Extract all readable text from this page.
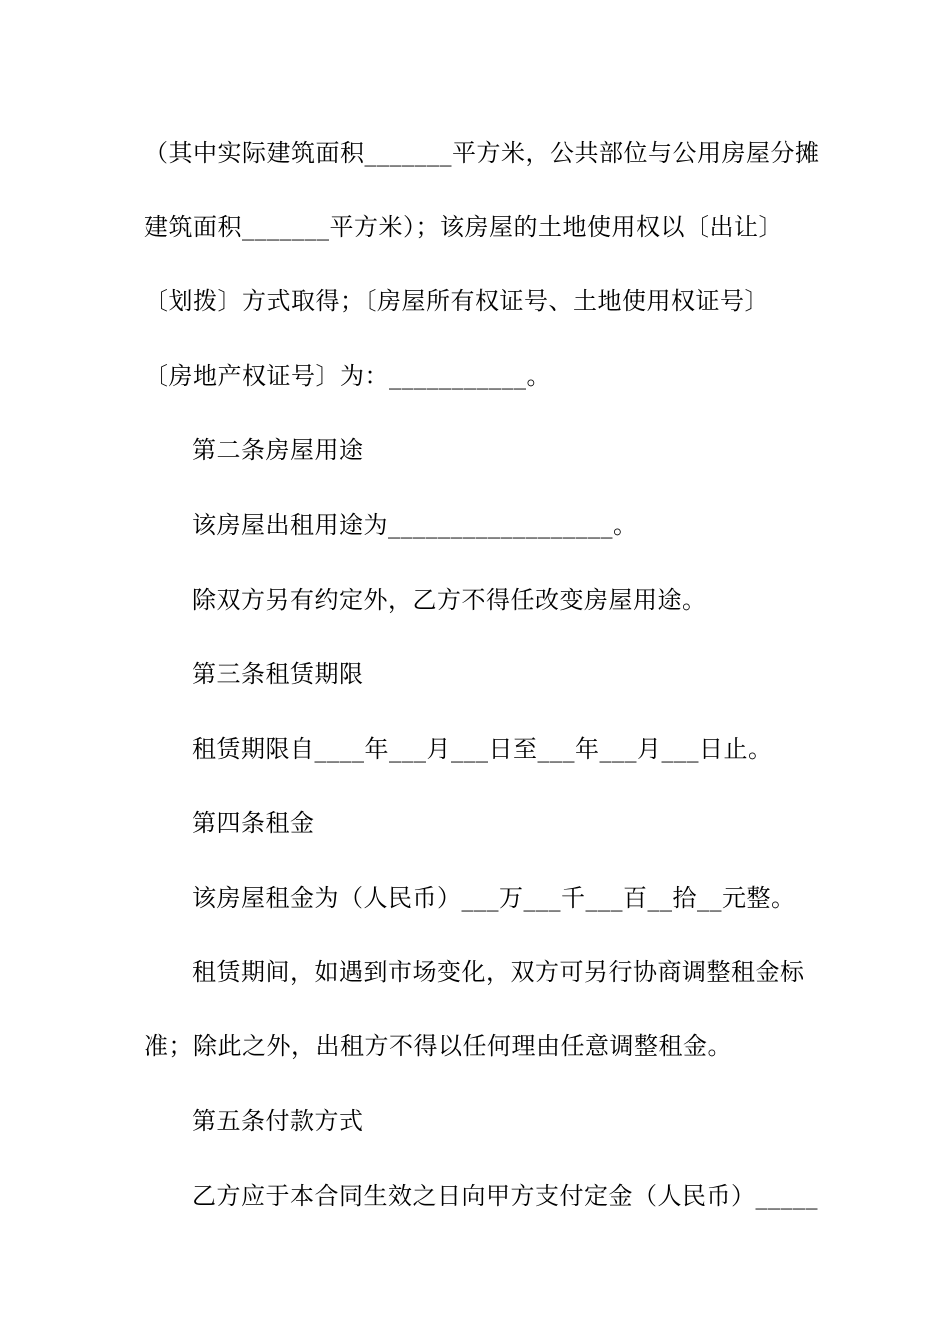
（其中实际建筑面积_______平方米，公共部位与公用房屋分摊
建筑面积_______平方米）；该房屋的土地使用权以〔出让〕
〔划拨〕方式取得；〔房屋所有权证号、土地使用权证号〕
〔房地产权证号〕为：___________。
第二条房屋用途
该房屋出租用途为__________________。
除双方另有约定外，乙方不得任改变房屋用途。
第三条租赁期限
租赁期限自____年___月___日至___年___月___日止。
第四条租金
该房屋租金为（人民币）___万___千___百__拾__元整。
租赁期间，如遇到市场变化，双方可另行协商调整租金标
准；除此之外，出租方不得以任何理由任意调整租金。
第五条付款方式
乙方应于本合同生效之日向甲方支付定金（人民币）_____
